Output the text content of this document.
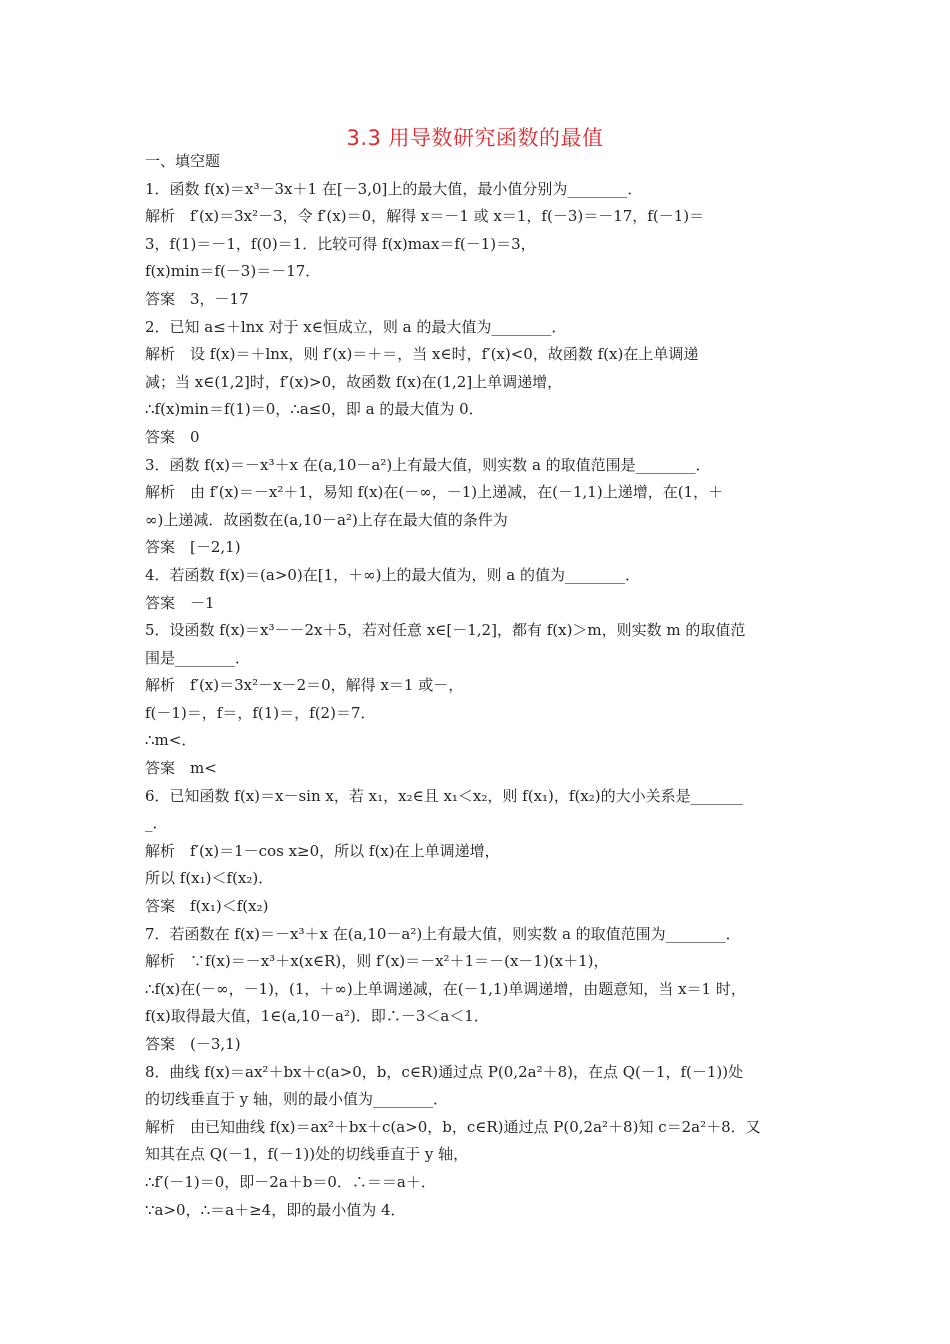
3.3 用导数研究函数的最值
一、填空题
1．函数 f(x)＝x³－3x＋1 在[－3,0]上的最大值，最小值分别为________．
解析　f′(x)＝3x²－3，令 f′(x)＝0，解得 x＝－1 或 x＝1，f(－3)＝－17，f(－1)＝
3，f(1)＝－1，f(0)＝1．比较可得 f(x)max＝f(－1)＝3，
f(x)min＝f(－3)＝－17．
答案　3，－17
2．已知 a≤＋lnx 对于 x∈恒成立，则 a 的最大值为________．
解析　设 f(x)＝＋lnx，则 f′(x)＝＋＝，当 x∈时，f′(x)<0，故函数 f(x)在上单调递
减；当 x∈(1,2]时，f′(x)>0，故函数 f(x)在(1,2]上单调递增，
∴f(x)min＝f(1)＝0，∴a≤0，即 a 的最大值为 0．
答案　0
3．函数 f(x)＝－x³＋x 在(a,10－a²)上有最大值，则实数 a 的取值范围是________．
解析　由 f′(x)＝－x²＋1，易知 f(x)在(－∞，－1)上递减，在(－1,1)上递增，在(1，＋
∞)上递减．故函数在(a,10－a²)上存在最大值的条件为
答案　[－2,1)
4．若函数 f(x)＝(a>0)在[1，＋∞)上的最大值为，则 a 的值为________．
答案　－1
5．设函数 f(x)＝x³－－2x＋5，若对任意 x∈[－1,2]，都有 f(x)＞m，则实数 m 的取值范
围是________．
解析　f′(x)＝3x²－x－2＝0，解得 x＝1 或－，
f(－1)＝，f＝，f(1)＝，f(2)＝7．
∴m<．
答案　m<
6．已知函数 f(x)＝x－sin x，若 x₁，x₂∈且 x₁＜x₂，则 f(x₁)，f(x₂)的大小关系是_______
_．
解析　f′(x)＝1－cos x≥0，所以 f(x)在上单调递增，
所以 f(x₁)＜f(x₂)．
答案　f(x₁)＜f(x₂)
7．若函数在 f(x)＝－x³＋x 在(a,10－a²)上有最大值，则实数 a 的取值范围为________．
解析　∵f(x)＝－x³＋x(x∈R)，则 f′(x)＝－x²＋1＝－(x－1)(x＋1)，
∴f(x)在(－∞，－1)，(1，＋∞)上单调递减，在(－1,1)单调递增，由题意知，当 x＝1 时，
f(x)取得最大值，1∈(a,10－a²)．即∴－3＜a＜1．
答案　(－3,1)
8．曲线 f(x)＝ax²＋bx＋c(a>0，b，c∈R)通过点 P(0,2a²＋8)，在点 Q(－1，f(－1))处
的切线垂直于 y 轴，则的最小值为________．
解析　由已知曲线 f(x)＝ax²＋bx＋c(a>0，b，c∈R)通过点 P(0,2a²＋8)知 c＝2a²＋8．又
知其在点 Q(－1，f(－1))处的切线垂直于 y 轴，
∴f′(－1)＝0，即－2a＋b＝0．∴＝＝a＋．
∵a>0，∴＝a＋≥4，即的最小值为 4．
